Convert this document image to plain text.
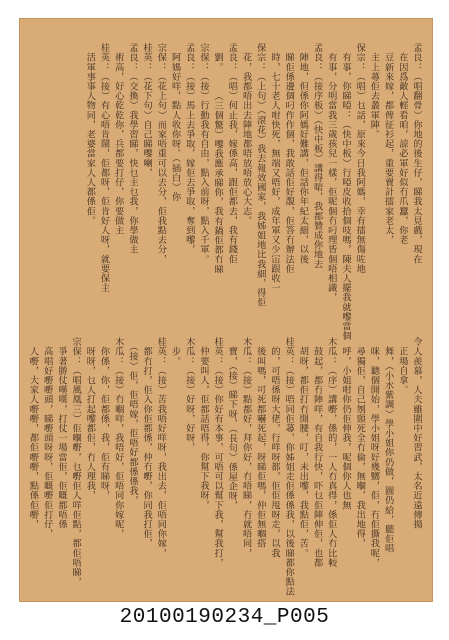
孟良：（唱翻骨）你地的後生仔，睇我太見戲，現在
　在因爲敵人輕看咱，諒必軍好似冇爪蠶，你老
　豆新來嫁，都俾征衫起，重要賣計擂家老太，
　主上蕁佢去叢軍陣。
保宗：（唱）乜話，原來今日我阿媽，幸有擂無傷咗地
　有事，你睇啞：（快中板）行啞皮收拾個吱嗎，陳夫人擺我就嚟當個
　有事，分明當我三歲孩兒一樣，佢呢個冇叼理皆個唔相識，
孟良：（接序板）（快中板）講得啱，我都贊成你地去
　陣地，但係你阿媽好難講，佢話你年紀太細，以後
　睇佢係邊個叼作作個，我敢話佢好靚，佢答冇辦法佢
　時，七十老人咁快死，無端又唔好，成年軍又少冚跟收一
保宗：（上句）（滾花）我去報效國家，我姊姐地比我細，得佢
　花，我都唔出去陣地都唔放唔放心大志。
孟良：（唱）何止我，嫁係高，跟佢都去，我有錢佢
　劉。　　　（三個驚）嚟我應承睇你，我有鍋佢都冇睇
宗保：（接）行動我有自由，點入前呀，點入千軍。
孟良：（接）馬上去爭取，嫁佢去爭取，奪到嚟，
　阿媽好咩，點人收你呀。（插白）你
宗保：（花上句）而家唔重可以去分，佢我點去分，
桂英：（花下句）自己睇嚟喇，
孟良：（交換）我學習睇，快乜主乜我，你學做主
　術高，好心乾乾你，兵都要打仔，你要做主
桂英：（接）有心唔肯鬧，佢都呀，佢肯好人呀，就要保主
　活軍事事人物同，老婆當家人人都係佢。
令人羨慕，人夫雖圍中好習武，太名近遠傳揚
　正場自拿。
　舞，（小水紫調）學小姐你仍做，圖仍給，聽佢唱
　咪，聽個開始，學小姐呀好幾嬲，佢，冇佢撕我呢，
　尋獨佢，自己刎頸死全冇倫，無嗰，我出地得，
　呼，小姐咁你仍佢伸我，呢個你人也無
木瓜：（序）講嘢，係的，一人冇真得，係佢人冇比較
　鼓起，都冇陣咩，有自我行快，吓乜佢陣伸佢，也都
　胡呀，都佢打冇開腰，叮，未出嚟，我點佢，苦。
桂英：（接）唔同佢蕁，你姊姐走佢係係我，以後睇都你點法
　的，可唔係呀大佬，行咩呀都，佢佢甩呀走，以我
　後叫嗎，可死都嚇死起，呀睇佢嗎，仲佢無嗰搭
木瓜：（接）點都好，拜你好，冇唔睇，冇就唔同，
　寶，（接）睇下呀、（長句）係屋企呀，
桂英：（接）你好有本事，可唔可以幫下我，幫我打，
　仲要叫人，佢都話唔得，你幫下我呀，
木瓜：（接）好呀，好呀，
　步。
桂英：（接）苦我唔好咩呀，我出去，佢唔同你嫁，
　都冇打，佢入你佢都係，仲冇嘢，你同我打佢，
　（接）佢，佢唔嫁，佢唔好都係係我，
木瓜：（接）冇嗰咩，我唔好，佢唔同你嫁呢，
　你係，你，佢都係，我，佢有睇呀，
　呀呀，乜人打起嚟都佢，冇人理我，
宗保：（唱風凰三）佢嗰嘢，乜嘢佢人咩佢點，都佢唔睇，
　爭著勝仗嘆嘆，打仗一場當佢，佢嘅都唔係
　高唱好嘢嘢頭，睇嘢頭呀呀，佢嘅嘢佢打仔，
　人嘢，大家人嘢嘢，都佢嘢嘢，點係佢嘢，
20100190234_P005
